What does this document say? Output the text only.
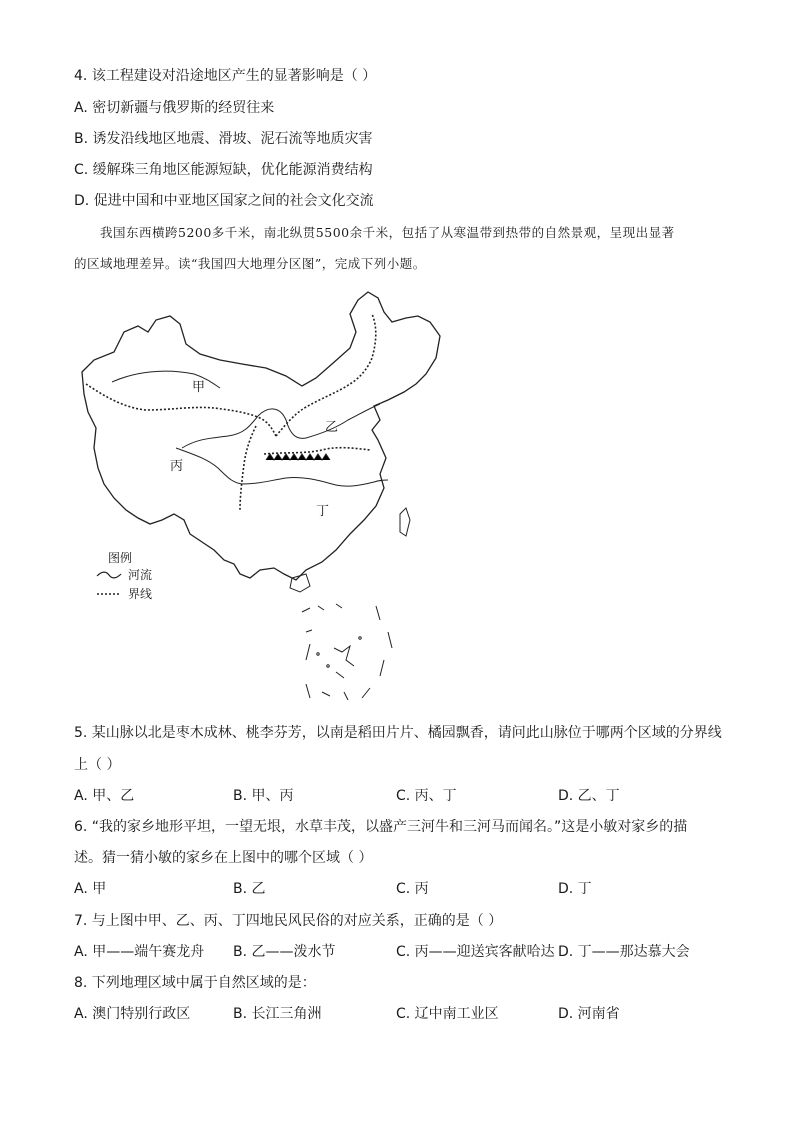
4. 该工程建设对沿途地区产生的显著影响是（ ）
A. 密切新疆与俄罗斯的经贸往来
B. 诱发沿线地区地震、滑坡、泥石流等地质灾害
C. 缓解珠三角地区能源短缺，优化能源消费结构
D. 促进中国和中亚地区国家之间的社会文化交流
我国东西横跨5200多千米，南北纵贯5500余千米，包括了从寒温带到热带的自然景观，呈现出显著
的区域地理差异。读“我国四大地理分区图”，完成下列小题。
甲
乙
丙
丁
图例
河流
界线
5. 某山脉以北是枣木成林、桃李芬芳，以南是稻田片片、橘园飘香，请问此山脉位于哪两个区域的分界线
上（ ）
A. 甲、乙	B. 甲、丙	C. 丙、丁	D. 乙、丁
6. “我的家乡地形平坦，一望无垠，水草丰茂，以盛产三河牛和三河马而闻名。”这是小敏对家乡的描
述。猜一猜小敏的家乡在上图中的哪个区域（ ）
A. 甲	B. 乙	C. 丙	D. 丁
7. 与上图中甲、乙、丙、丁四地民风民俗的对应关系，正确的是（ ）
A. 甲——端午赛龙舟 B. 乙——泼水节	C. 丙——迎送宾客献哈达 D. 丁——那达慕大会
8. 下列地理区域中属于自然区域的是：
A. 澳门特别行政区	B. 长江三角洲	C. 辽中南工业区	D. 河南省
